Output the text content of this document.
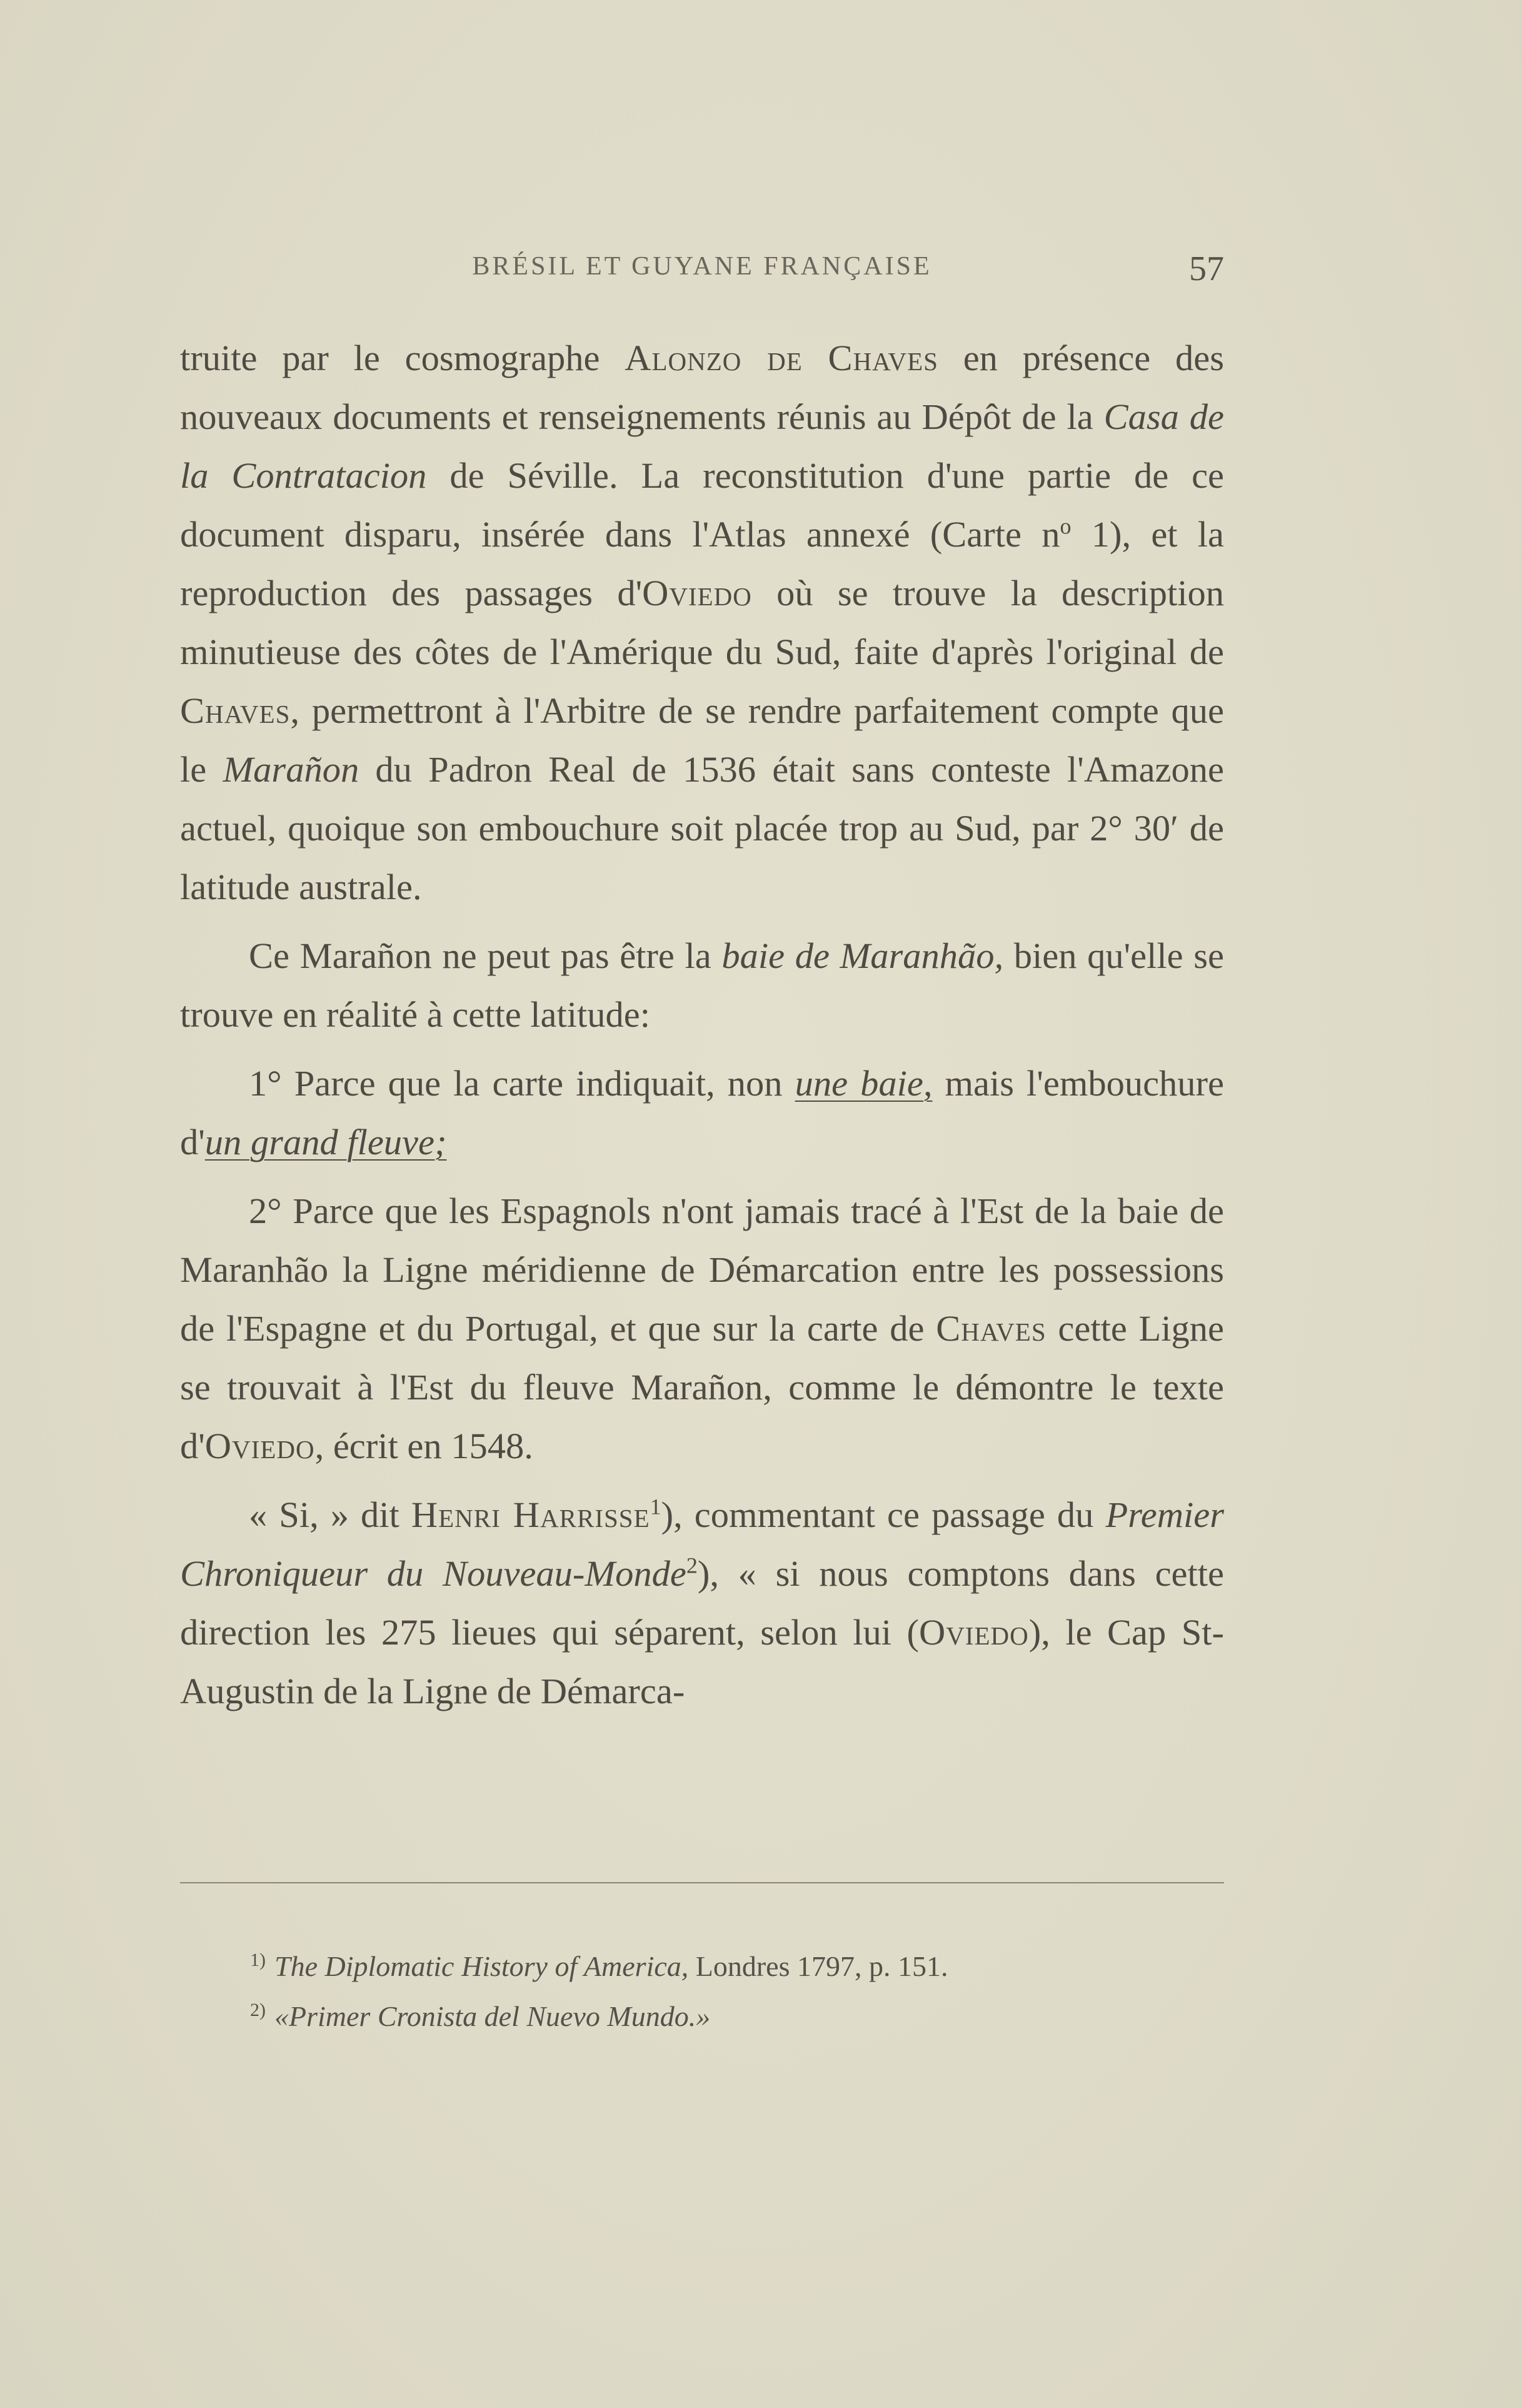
BRÉSIL ET GUYANE FRANÇAISE	57

truite par le cosmographe Alonzo de Chaves en présence des nouveaux documents et renseignements réunis au Dépôt de la Casa de la Contratacion de Séville. La reconstitution d'une partie de ce document disparu, insérée dans l'Atlas annexé (Carte $n^o$ 1), et la reproduction des passages d'Oviedo où se trouve la description minutieuse des côtes de l'Amérique du Sud, faite d'après l'original de Chaves, permettront à l'Arbitre de se rendre parfaitement compte que le Marañon du Padron Real de 1536 était sans conteste l'Amazone actuel, quoique son embouchure soit placée trop au Sud, par 2° 30′ de latitude australe.

Ce Marañon ne peut pas être la baie de Maranhão, bien qu'elle se trouve en réalité à cette latitude:

1° Parce que la carte indiquait, non une baie, mais l'embouchure d'un grand fleuve;

2° Parce que les Espagnols n'ont jamais tracé à l'Est de la baie de Maranhão la Ligne méridienne de Démarcation entre les possessions de l'Espagne et du Portugal, et que sur la carte de Chaves cette Ligne se trouvait à l'Est du fleuve Marañon, comme le démontre le texte d'Oviedo, écrit en 1548.

« Si, » dit Henri Harrisse$^1$), commentant ce passage du Premier Chroniqueur du Nouveau-Monde$^2$), « si nous comptons dans cette direction les 275 lieues qui séparent, selon lui (Oviedo), le Cap St-Augustin de la Ligne de Démarca-

$^{1)}$ The Diplomatic History of America, Londres 1797, p. 151.
$^{2)}$ «Primer Cronista del Nuevo Mundo.»
